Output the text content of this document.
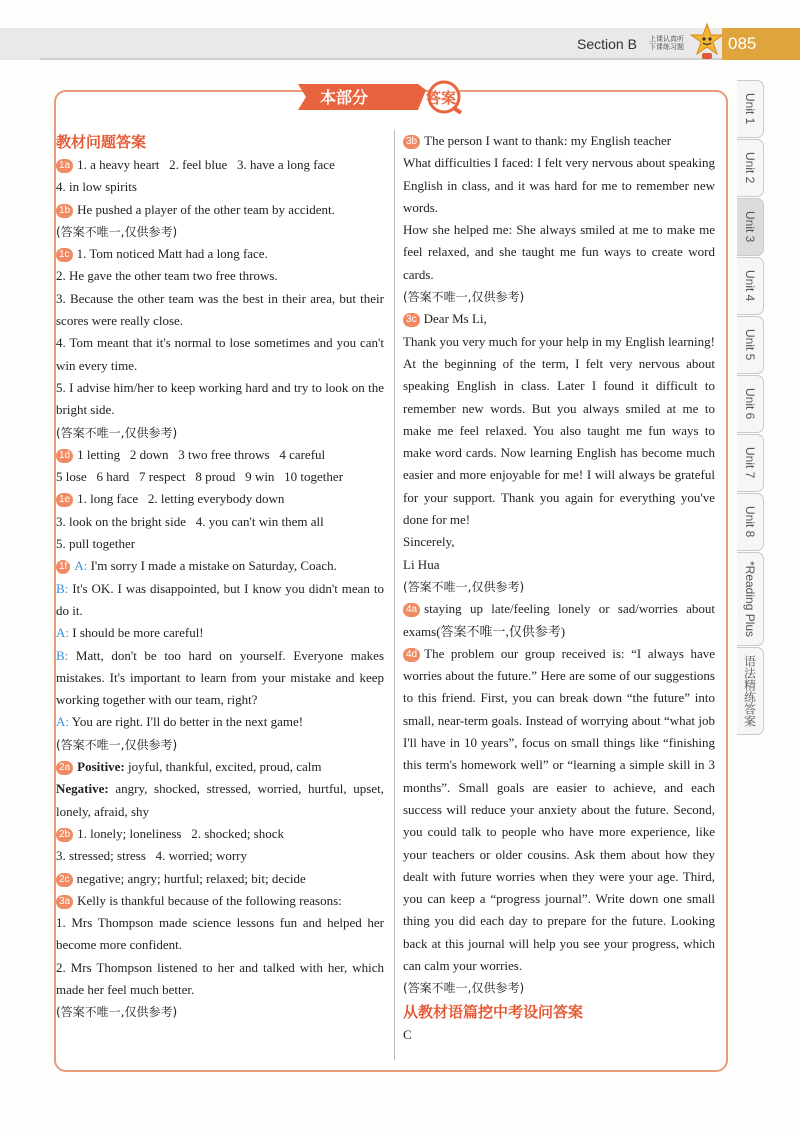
Section B 上课认真听
下课练习题	085
Unit 1
Unit 2
Unit 3
Unit 4
Unit 5
Unit 6
Unit 7
Unit 8
*Reading Plus
语法精练答案
本部分	答案

教材问题答案

1a 1. a heavy heart   2. feel blue   3. have a long face

4. in low spirits

1b He pushed a player of the other team by accident.

(答案不唯一,仅供参考)

1c 1. Tom noticed Matt had a long face.

2. He gave the other team two free throws.

3. Because the other team was the best in their area, but their scores were really close.

4. Tom meant that it's normal to lose sometimes and you can't win every time.

5. I advise him/her to keep working hard and try to look on the bright side.

(答案不唯一,仅供参考)

1d 1 letting   2 down   3 two free throws   4 careful

5 lose   6 hard   7 respect   8 proud   9 win   10 together

1e 1. long face   2. letting everybody down

3. look on the bright side   4. you can't win them all

5. pull together

1f A: I'm sorry I made a mistake on Saturday, Coach.

B: It's OK. I was disappointed, but I know you didn't mean to do it.

A: I should be more careful!

B: Matt, don't be too hard on yourself. Everyone makes mistakes. It's important to learn from your mistake and keep working together with our team, right?

A: You are right. I'll do better in the next game!

(答案不唯一,仅供参考)

2a Positive: joyful, thankful, excited, proud, calm

Negative: angry, shocked, stressed, worried, hurtful, upset, lonely, afraid, shy

2b 1. lonely; loneliness   2. shocked; shock

3. stressed; stress   4. worried; worry

2c negative; angry; hurtful; relaxed; bit; decide

3a Kelly is thankful because of the following reasons:

1. Mrs Thompson made science lessons fun and helped her become more confident.

2. Mrs Thompson listened to her and talked with her, which made her feel much better.

(答案不唯一,仅供参考)

3b The person I want to thank: my English teacher

What difficulties I faced: I felt very nervous about speaking English in class, and it was hard for me to remember new words.

How she helped me: She always smiled at me to make me feel relaxed, and she taught me fun ways to create word cards.

(答案不唯一,仅供参考)

3c Dear Ms Li,

Thank you very much for your help in my English learning! At the beginning of the term, I felt very nervous about speaking English in class. Later I found it difficult to remember new words. But you always smiled at me to make me feel relaxed. You also taught me fun ways to make word cards. Now learning English has become much easier and more enjoyable for me! I will always be grateful for your support. Thank you again for everything you've done for me!

Sincerely,

Li Hua

(答案不唯一,仅供参考)

4a staying up late/feeling lonely or sad/worries about exams(答案不唯一,仅供参考)

4d The problem our group received is: “I always have worries about the future.” Here are some of our suggestions to this friend. First, you can break down “the future” into small, near-term goals. Instead of worrying about “what job I'll have in 10 years”, focus on small things like “finishing this term's homework well” or “learning a simple skill in 3 months”. Small goals are easier to achieve, and each success will reduce your anxiety about the future. Second, you could talk to people who have more experience, like your teachers or older cousins. Ask them about how they dealt with future worries when they were your age. Third, you can keep a “progress journal”. Write down one small thing you did each day to prepare for the future. Looking back at this journal will help you see your progress, which can calm your worries.

(答案不唯一,仅供参考)

从教材语篇挖中考设问答案

C
